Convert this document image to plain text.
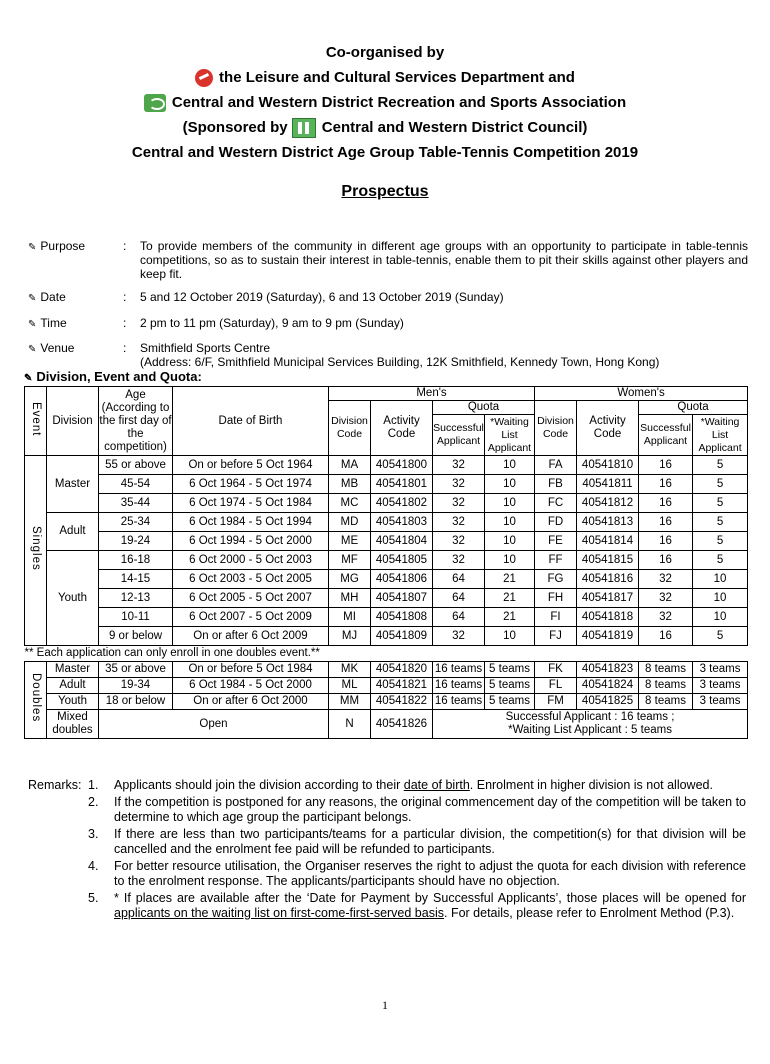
Co-organised by
the Leisure and Cultural Services Department and
Central and Western District Recreation and Sports Association
(Sponsored by Central and Western District Council)
Central and Western District Age Group Table-Tennis Competition 2019
Prospectus
✎ Purpose	: To provide members of the community in different age groups with an opportunity to participate in table-tennis competitions, so as to sustain their interest in table-tennis, enable them to pit their skills against other players and keep fit.
✎ Date	: 5 and 12 October 2019 (Saturday), 6 and 13 October 2019 (Sunday)
✎ Time	: 2 pm to 11 pm (Saturday), 9 am to 9 pm (Sunday)
✎ Venue	: Smithfield Sports Centre
(Address: 6/F, Smithfield Municipal Services Building, 12K Smithfield, Kennedy Town, Hong Kong)
✎ Division, Event and Quota:
Event	Division	Age (According to the first day of the competition)	Date of Birth	Men's				Women's			
				Division Code	Activity Code	Quota		Division Code	Activity Code	Quota	
						Successful Applicant	*Waiting List Applicant			Successful Applicant	*Waiting List Applicant
Singles	Master	55 or above	On or before 5 Oct 1964	MA	40541800	32	10	FA	40541810	16	5
		45-54	6 Oct 1964 - 5 Oct 1974	MB	40541801	32	10	FB	40541811	16	5
		35-44	6 Oct 1974 - 5 Oct 1984	MC	40541802	32	10	FC	40541812	16	5
	Adult	25-34	6 Oct 1984 - 5 Oct 1994	MD	40541803	32	10	FD	40541813	16	5
		19-24	6 Oct 1994 - 5 Oct 2000	ME	40541804	32	10	FE	40541814	16	5
	Youth	16-18	6 Oct 2000 - 5 Oct 2003	MF	40541805	32	10	FF	40541815	16	5
		14-15	6 Oct 2003 - 5 Oct 2005	MG	40541806	64	21	FG	40541816	32	10
		12-13	6 Oct 2005 - 5 Oct 2007	MH	40541807	64	21	FH	40541817	32	10
		10-11	6 Oct 2007 - 5 Oct 2009	MI	40541808	64	21	FI	40541818	32	10
		9 or below	On or after 6 Oct 2009	MJ	40541809	32	10	FJ	40541819	16	5
** Each application can only enroll in one doubles event.**											
Doubles	Master	35 or above	On or before 5 Oct 1984	MK	40541820	16 teams	5 teams	FK	40541823	8 teams	3 teams
	Adult	19-34	6 Oct 1984 - 5 Oct 2000	ML	40541821	16 teams	5 teams	FL	40541824	8 teams	3 teams
	Youth	18 or below	On or after 6 Oct 2000	MM	40541822	16 teams	5 teams	FM	40541825	8 teams	3 teams
	Mixed doubles	Open		N	40541826	Successful Applicant : 16 teams ;
*Waiting List Applicant : 5 teams					
Remarks: 1. Applicants should join the division according to their date of birth. Enrolment in higher division is not allowed.
2. If the competition is postponed for any reasons, the original commencement day of the competition will be taken to determine to which age group the participant belongs.
3. If there are less than two participants/teams for a particular division, the competition(s) for that division will be cancelled and the enrolment fee paid will be refunded to participants.
4. For better resource utilisation, the Organiser reserves the right to adjust the quota for each division with reference to the enrolment response. The applicants/participants should have no objection.
5. * If places are available after the ‘Date for Payment by Successful Applicants’, those places will be opened for applicants on the waiting list on first-come-first-served basis. For details, please refer to Enrolment Method (P.3).
1
